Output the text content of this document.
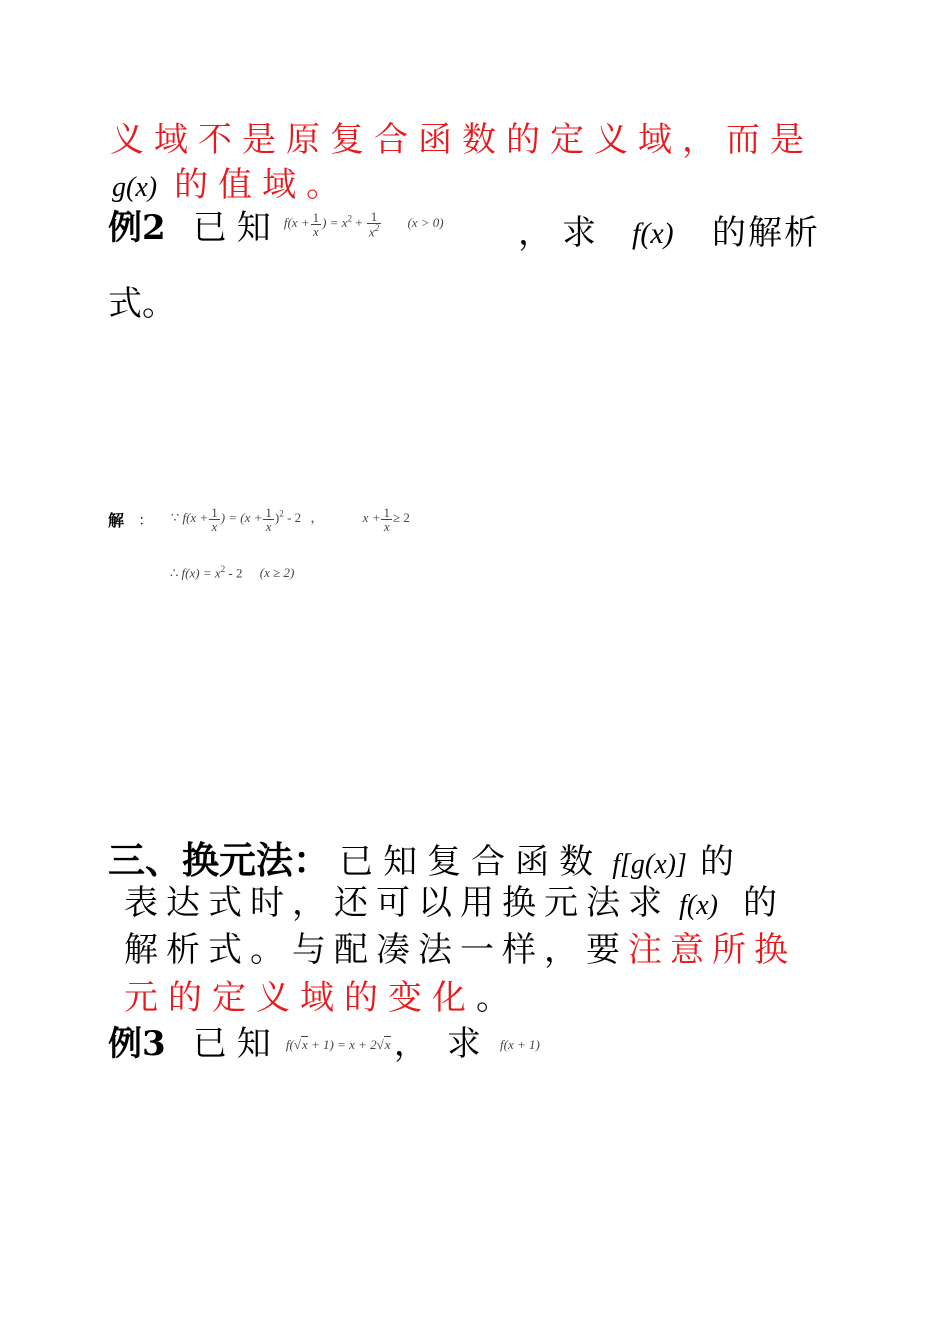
义域不是原复合函数的定义域，而是
g(x) 的值域。
例2 已知 $f(x + \frac{1}{x}$ ) = $x^2 + \frac{1}{x^2} (x > 0)$ ， 求 f(x) 的解析
式。
解 ： ∵ $f(x + \frac{1}{x}$ ) = $(x + \frac{1}{x} )^2 - 2$ ，	$x + \frac{1}{x} \ge 2$
∴ $f(x) = x^2 - 2$ (x ≥ 2)
三、换元法： 已知复合函数 f[g(x)] 的
表达式时，还可以用换元法求 f(x) 的
解析式。与配凑法一样，要注意所换
元的定义域的变化。
例3 已知 $^{f(√x + 1) = x + 2√x}$ ， 求 $^{f(x + 1)}$
